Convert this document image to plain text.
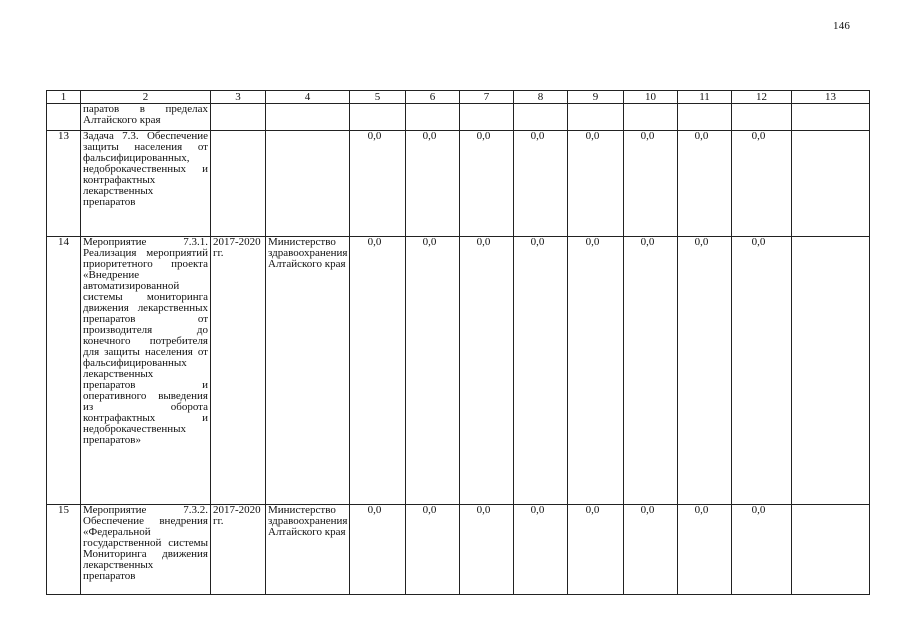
146
1	2	3	4	5	6	7	8	9	10	11	12	13
	паратов в пределах Алтайского края											
13	Задача 7.3. Обеспечение защиты населения от фальсифицированных, недоброкачественных и контрафактных лекарственных препаратов			0,0	0,0	0,0	0,0	0,0	0,0	0,0	0,0	
14	Мероприятие 7.3.1. Реализация мероприятий приоритетного проекта «Внедрение автоматизированной системы мониторинга движения лекарственных препаратов от производителя до конечного потребителя для защиты населения от фальсифицированных лекарственных препаратов и оперативного выведения из оборота контрафактных и недоброкачественных препаратов»	2017-2020 гг.	Министерство здравоохранения Алтайского края	0,0	0,0	0,0	0,0	0,0	0,0	0,0	0,0	
15	Мероприятие 7.3.2. Обеспечение внедрения «Федеральной государственной системы Мониторинга движения лекарственных препаратов	2017-2020 гг.	Министерство здравоохранения Алтайского края	0,0	0,0	0,0	0,0	0,0	0,0	0,0	0,0	
